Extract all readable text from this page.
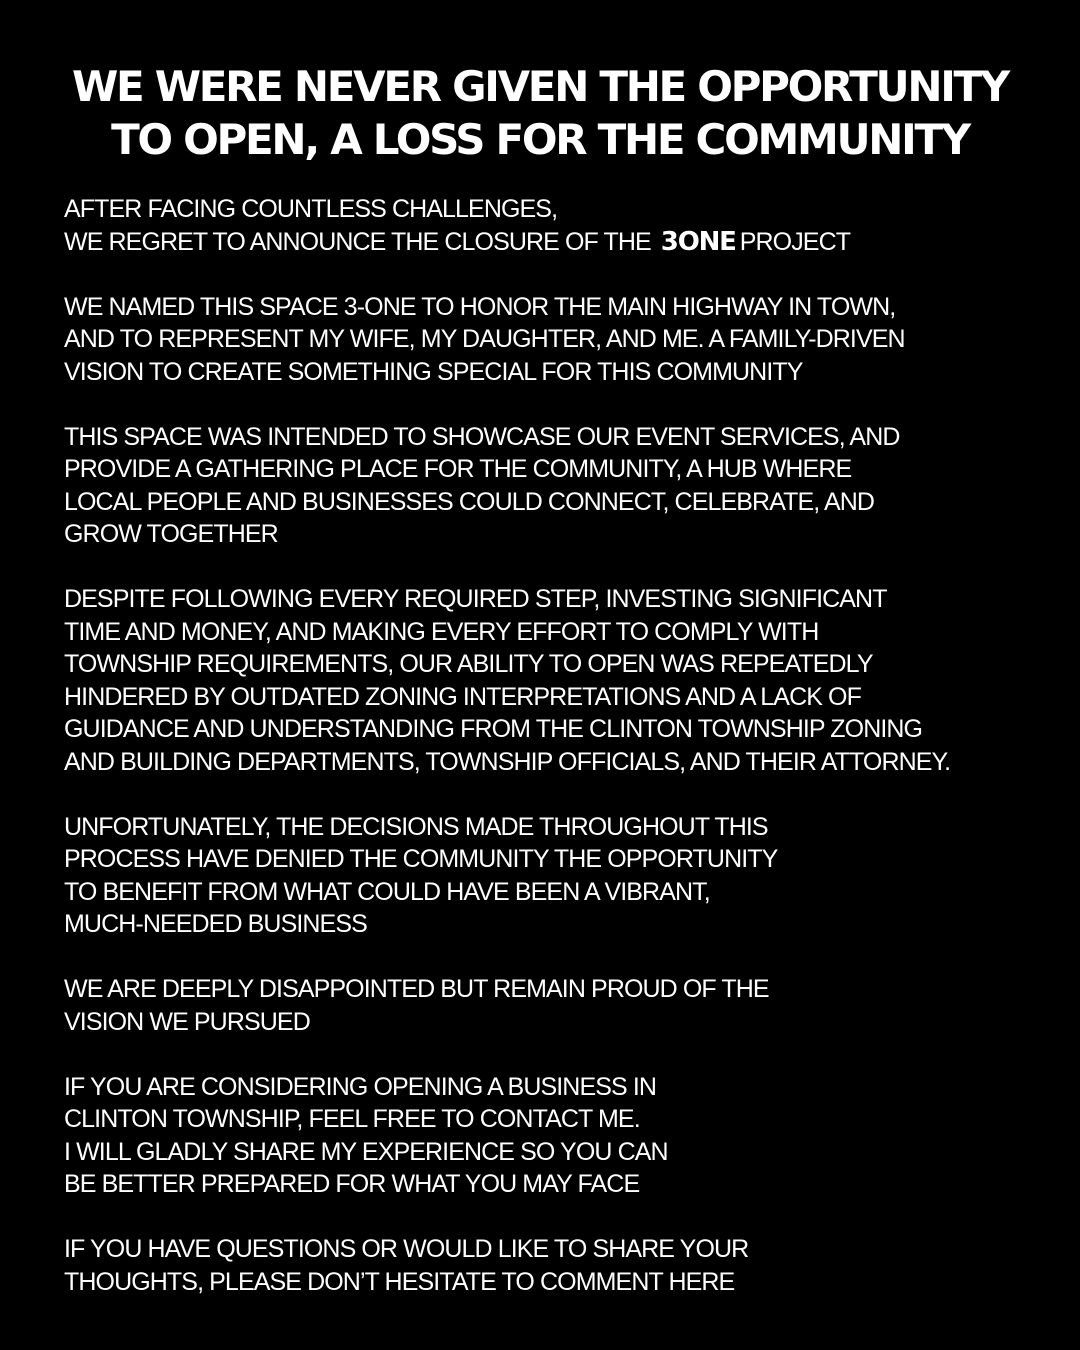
WE WERE NEVER GIVEN THE OPPORTUNITY
TO OPEN, A LOSS FOR THE COMMUNITY

AFTER FACING COUNTLESS CHALLENGES,
WE REGRET TO ANNOUNCE THE CLOSURE OF THE 3ONE PROJECT

WE NAMED THIS SPACE 3-ONE TO HONOR THE MAIN HIGHWAY IN TOWN,
AND TO REPRESENT MY WIFE, MY DAUGHTER, AND ME. A FAMILY-DRIVEN
VISION TO CREATE SOMETHING SPECIAL FOR THIS COMMUNITY

THIS SPACE WAS INTENDED TO SHOWCASE OUR EVENT SERVICES, AND
PROVIDE A GATHERING PLACE FOR THE COMMUNITY, A HUB WHERE
LOCAL PEOPLE AND BUSINESSES COULD CONNECT, CELEBRATE, AND
GROW TOGETHER

DESPITE FOLLOWING EVERY REQUIRED STEP, INVESTING SIGNIFICANT
TIME AND MONEY, AND MAKING EVERY EFFORT TO COMPLY WITH
TOWNSHIP REQUIREMENTS, OUR ABILITY TO OPEN WAS REPEATEDLY
HINDERED BY OUTDATED ZONING INTERPRETATIONS AND A LACK OF
GUIDANCE AND UNDERSTANDING FROM THE CLINTON TOWNSHIP ZONING
AND BUILDING DEPARTMENTS, TOWNSHIP OFFICIALS, AND THEIR ATTORNEY.

UNFORTUNATELY, THE DECISIONS MADE THROUGHOUT THIS
PROCESS HAVE DENIED THE COMMUNITY THE OPPORTUNITY
TO BENEFIT FROM WHAT COULD HAVE BEEN A VIBRANT,
MUCH-NEEDED BUSINESS

WE ARE DEEPLY DISAPPOINTED BUT REMAIN PROUD OF THE
VISION WE PURSUED

IF YOU ARE CONSIDERING OPENING A BUSINESS IN
CLINTON TOWNSHIP, FEEL FREE TO CONTACT ME.
I WILL GLADLY SHARE MY EXPERIENCE SO YOU CAN
BE BETTER PREPARED FOR WHAT YOU MAY FACE

IF YOU HAVE QUESTIONS OR WOULD LIKE TO SHARE YOUR
THOUGHTS, PLEASE DON’T HESITATE TO COMMENT HERE
